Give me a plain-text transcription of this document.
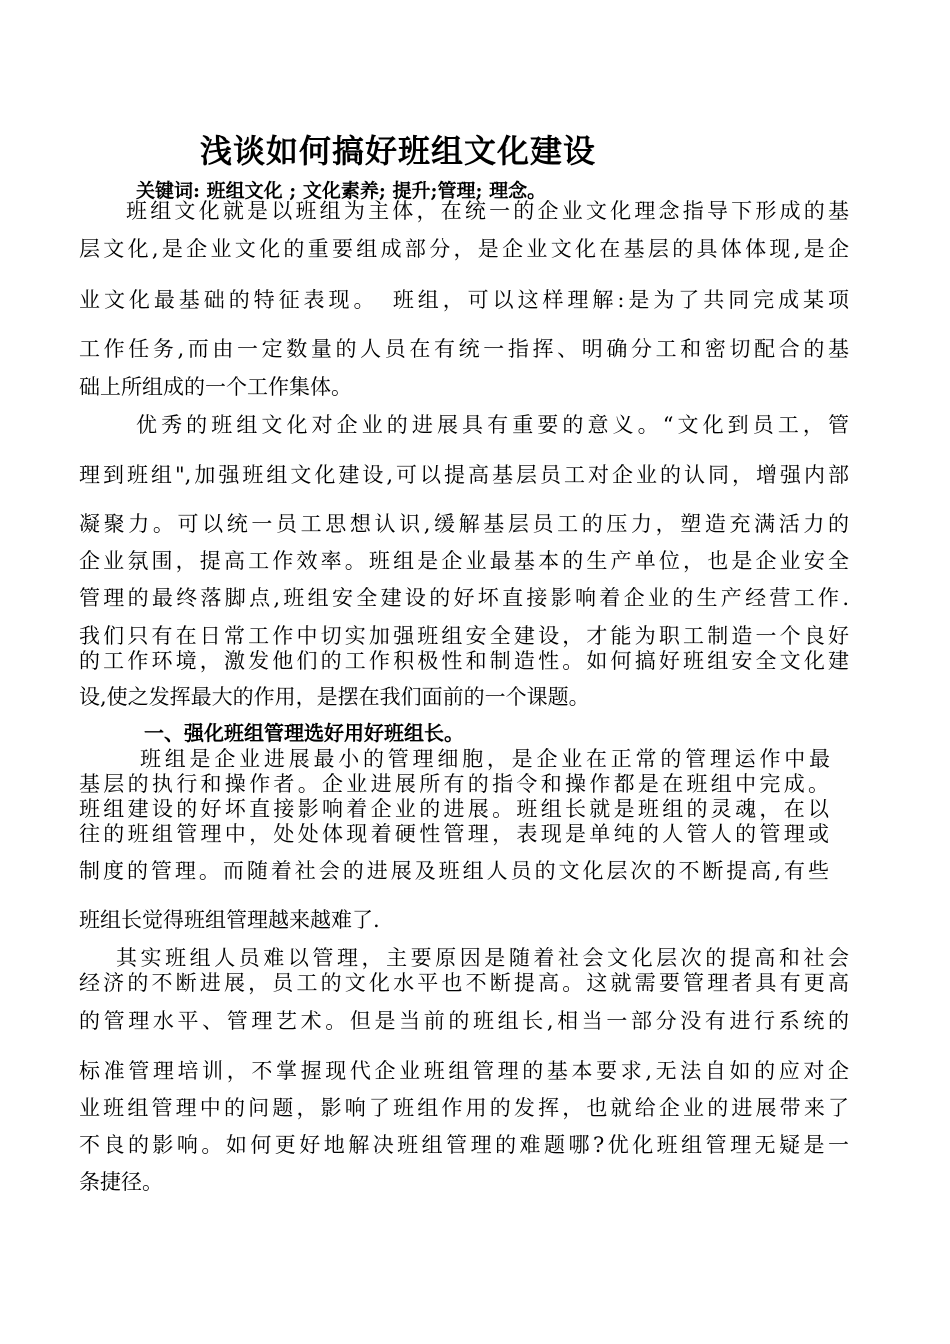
浅谈如何搞好班组文化建设
关键词: 班组文化 ; 文化素养; 提升;管理; 理念。
班组文化就是以班组为主体，在统一的企业文化理念指导下形成的基
层文化,是企业文化的重要组成部分，是企业文化在基层的具体体现,是企
业文化最基础的特征表现。　班组，可以这样理解:是为了共同完成某项
工作任务,而由一定数量的人员在有统一指挥、明确分工和密切配合的基
础上所组成的一个工作集体。
优秀的班组文化对企业的进展具有重要的意义。“文化到员工，管
理到班组",加强班组文化建设,可以提高基层员工对企业的认同，增强内部
凝聚力。可以统一员工思想认识,缓解基层员工的压力，塑造充满活力的
企业氛围，提高工作效率。班组是企业最基本的生产单位，也是企业安全
管理的最终落脚点,班组安全建设的好坏直接影响着企业的生产经营工作.
我们只有在日常工作中切实加强班组安全建设，才能为职工制造一个良好
的工作环境，激发他们的工作积极性和制造性。如何搞好班组安全文化建
设,使之发挥最大的作用，是摆在我们面前的一个课题。
一、强化班组管理选好用好班组长。
班组是企业进展最小的管理细胞，是企业在正常的管理运作中最
基层的执行和操作者。企业进展所有的指令和操作都是在班组中完成。
班组建设的好坏直接影响着企业的进展。班组长就是班组的灵魂，在以
往的班组管理中，处处体现着硬性管理，表现是单纯的人管人的管理或
制度的管理。而随着社会的进展及班组人员的文化层次的不断提高,有些
班组长觉得班组管理越来越难了.
其实班组人员难以管理，主要原因是随着社会文化层次的提高和社会
经济的不断进展，员工的文化水平也不断提高。这就需要管理者具有更高
的管理水平、管理艺术。但是当前的班组长,相当一部分没有进行系统的
标准管理培训，不掌握现代企业班组管理的基本要求,无法自如的应对企
业班组管理中的问题，影响了班组作用的发挥，也就给企业的进展带来了
不良的影响。如何更好地解决班组管理的难题哪?优化班组管理无疑是一
条捷径。
